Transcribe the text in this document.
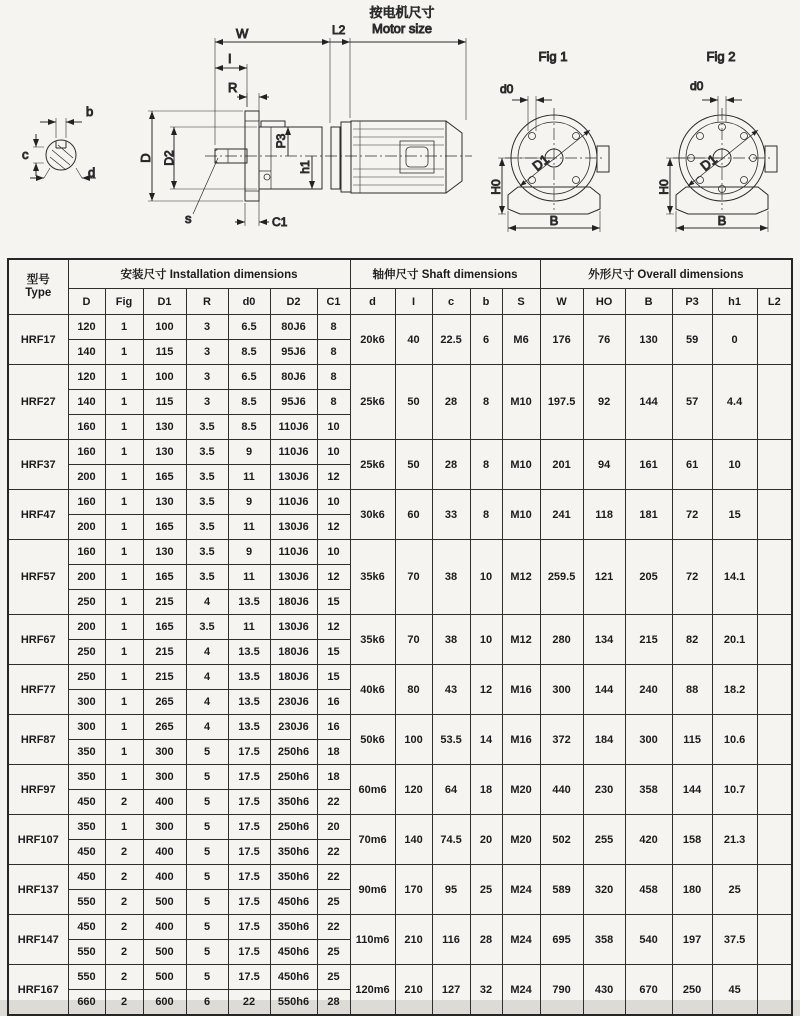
b
c
d
W	L2
按电机尺寸
Motor size
I
R
D D2
P3
h1
s	C1
Fig 1
d0
D1
H0
B
Fig 2
d0
D1
H0
B
型号
Type	安装尺寸 Installation dimensions							轴伸尺寸 Shaft dimensions					外形尺寸 Overall dimensions					
	D	Fig	D1	R	d0	D2	C1	d	I	c	b	S	W	HO	B	P3	h1	L2
HRF17	120	1	100	3	6.5	80J6	8	20k6	40	22.5	6	M6	176	76	130	59	0	
	140	1	115	3	8.5	95J6	8											
HRF27	120	1	100	3	6.5	80J6	8	25k6	50	28	8	M10	197.5	92	144	57	4.4	
	140	1	115	3	8.5	95J6	8											
	160	1	130	3.5	8.5	110J6	10											
HRF37	160	1	130	3.5	9	110J6	10	25k6	50	28	8	M10	201	94	161	61	10	
	200	1	165	3.5	11	130J6	12											
HRF47	160	1	130	3.5	9	110J6	10	30k6	60	33	8	M10	241	118	181	72	15	
	200	1	165	3.5	11	130J6	12											
HRF57	160	1	130	3.5	9	110J6	10	35k6	70	38	10	M12	259.5	121	205	72	14.1	
	200	1	165	3.5	11	130J6	12											
	250	1	215	4	13.5	180J6	15											
HRF67	200	1	165	3.5	11	130J6	12	35k6	70	38	10	M12	280	134	215	82	20.1	
	250	1	215	4	13.5	180J6	15											
HRF77	250	1	215	4	13.5	180J6	15	40k6	80	43	12	M16	300	144	240	88	18.2	
	300	1	265	4	13.5	230J6	16											
HRF87	300	1	265	4	13.5	230J6	16	50k6	100	53.5	14	M16	372	184	300	115	10.6	
	350	1	300	5	17.5	250h6	18											
HRF97	350	1	300	5	17.5	250h6	18	60m6	120	64	18	M20	440	230	358	144	10.7	
	450	2	400	5	17.5	350h6	22											
HRF107	350	1	300	5	17.5	250h6	20	70m6	140	74.5	20	M20	502	255	420	158	21.3	
	450	2	400	5	17.5	350h6	22											
HRF137	450	2	400	5	17.5	350h6	22	90m6	170	95	25	M24	589	320	458	180	25	
	550	2	500	5	17.5	450h6	25											
HRF147	450	2	400	5	17.5	350h6	22	110m6	210	116	28	M24	695	358	540	197	37.5	
	550	2	500	5	17.5	450h6	25											
HRF167	550	2	500	5	17.5	450h6	25	120m6	210	127	32	M24	790	430	670	250	45	
	660	2	600	6	22	550h6	28											
